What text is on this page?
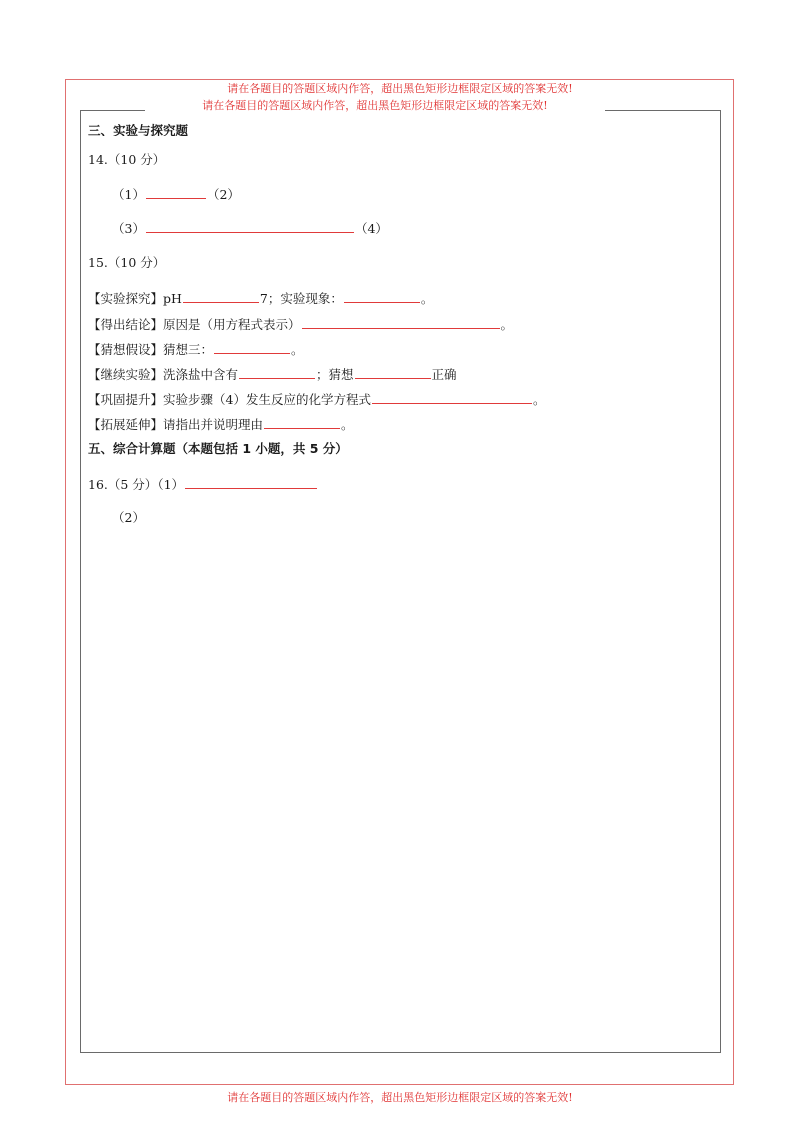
请在各题目的答题区域内作答，超出黑色矩形边框限定区域的答案无效!
请在各题目的答题区域内作答，超出黑色矩形边框限定区域的答案无效!
三、实验与探究题
14.（10 分）
（1）	（2）
（3）	（4）
15.（10 分）
【实验探究】pH	7；实验现象：	。
【得出结论】原因是（用方程式表示）	。
【猜想假设】猜想三：	。
【继续实验】洗涤盐中含有	；猜想	正确
【巩固提升】实验步骤（4）发生反应的化学方程式	。
【拓展延伸】请指出并说明理由	。
五、综合计算题（本题包括 1 小题，共 5 分）
16.（5 分）（1）
（2）
请在各题目的答题区域内作答，超出黑色矩形边框限定区域的答案无效!
